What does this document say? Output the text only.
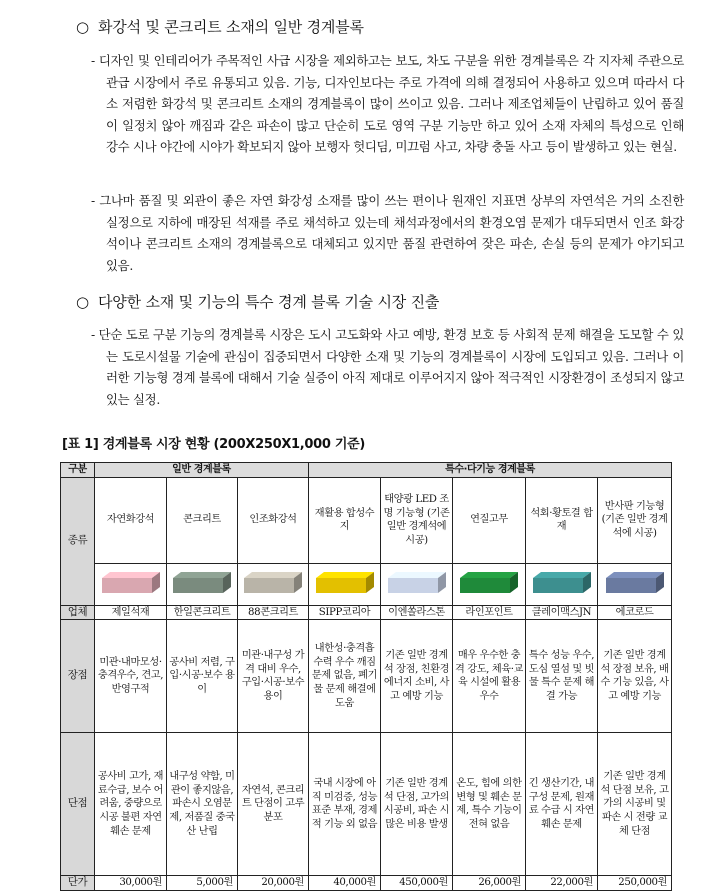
○ 화강석 및 콘크리트 소재의 일반 경계블록

- 디자인 및 인테리어가 주목적인 사급 시장을 제외하고는 보도, 차도 구분을 위한 경계블록은 각 지자체 주관으로 관급 시장에서 주로 유통되고 있음. 기능, 디자인보다는 주로 가격에 의해 결정되어 사용하고 있으며 따라서 다소 저렴한 화강석 및 콘크리트 소재의 경계블록이 많이 쓰이고 있음. 그러나 제조업체들이 난립하고 있어 품질이 일정치 않아 깨짐과 같은 파손이 많고 단순히 도로 영역 구분 기능만 하고 있어 소재 자체의 특성으로 인해 강수 시나 야간에 시야가 확보되지 않아 보행자 헛디딤, 미끄럼 사고, 차량 충돌 사고 등이 발생하고 있는 현실.

- 그나마 품질 및 외관이 좋은 자연 화강성 소재를 많이 쓰는 편이나 원재인 지표면 상부의 자연석은 거의 소진한 실정으로 지하에 매장된 석재를 주로 채석하고 있는데 채석과정에서의 환경오염 문제가 대두되면서 인조 화강석이나 콘크리트 소재의 경계블록으로 대체되고 있지만 품질 관련하여 잦은 파손, 손실 등의 문제가 야기되고 있음.

○ 다양한 소재 및 기능의 특수 경계 블록 기술 시장 진출

- 단순 도로 구분 기능의 경계블록 시장은 도시 고도화와 사고 예방, 환경 보호 등 사회적 문제 해결을 도모할 수 있는 도로시설물 기술에 관심이 집중되면서 다양한 소재 및 기능의 경계블록이 시장에 도입되고 있음. 그러나 이러한 기능형 경계 블록에 대해서 기술 실증이 아직 제대로 이루어지지 않아 적극적인 시장환경이 조성되지 않고 있는 실정.

[표 1] 경계블록 시장 현황 (200X250X1,000 기준)
구분	일반 경계블록			특수·다기능 경계블록				
종류	자연화강석	콘크리트	인조화강석	재활용 합성수지	태양광 LED 조명 기능형 (기존 일반 경계석에 시공)	연질고무	석회·황토결 합재	반사판 기능형 (기존 일반 경계석에 시공)

업체	제일석재	한일콘크리트	88콘크리트	SIPP코리아	이엔쏠라스톤	라인포인트	클레이맥스JN	에코로드
장점	미관·내마모성·충격우수, 견고, 반영구적	공사비 저렴, 구입·시공·보수 용이	미관·내구성 가격 대비 우수, 구입·시공·보수 용이	내한성·충격흡수력 우수 깨짐문제 없음, 폐기물 문제 해결에 도움	기존 일반 경계석 장점, 친환경 에너지 소비, 사고 예방 기능	매우 우수한 충격 강도, 체육·교육 시설에 활용 우수	특수 성능 우수, 도심 열섬 및 빗물 특수 문제 해결 가능	기존 일반 경계석 장점 보유, 배수 기능 있음, 사고 예방 기능
단점	공사비 고가, 재료수급, 보수 어려움, 중량으로 시공 불편 자연훼손 문제	내구성 약함, 미관이 좋지않음, 파손시 오염문제, 저품질 중국산 난립	자연석, 콘크리트 단점이 고루 분포	국내 시장에 아직 미검증, 성능표준 부재, 경제적 기능 외 없음	기존 일반 경계석 단점, 고가의 시공비, 파손 시 많은 비용 발생	온도, 힘에 의한 변형 및 훼손 문제, 특수 기능이 전혀 없음	긴 생산기간, 내구성 문제, 원재료 수급 시 자연훼손 문제	기존 일반 경계석 단점 보유, 고가의 시공비 및 파손 시 전량 교체 단점
단가	30,000원	5,000원	20,000원	40,000원	450,000원	26,000원	22,000원	250,000원
